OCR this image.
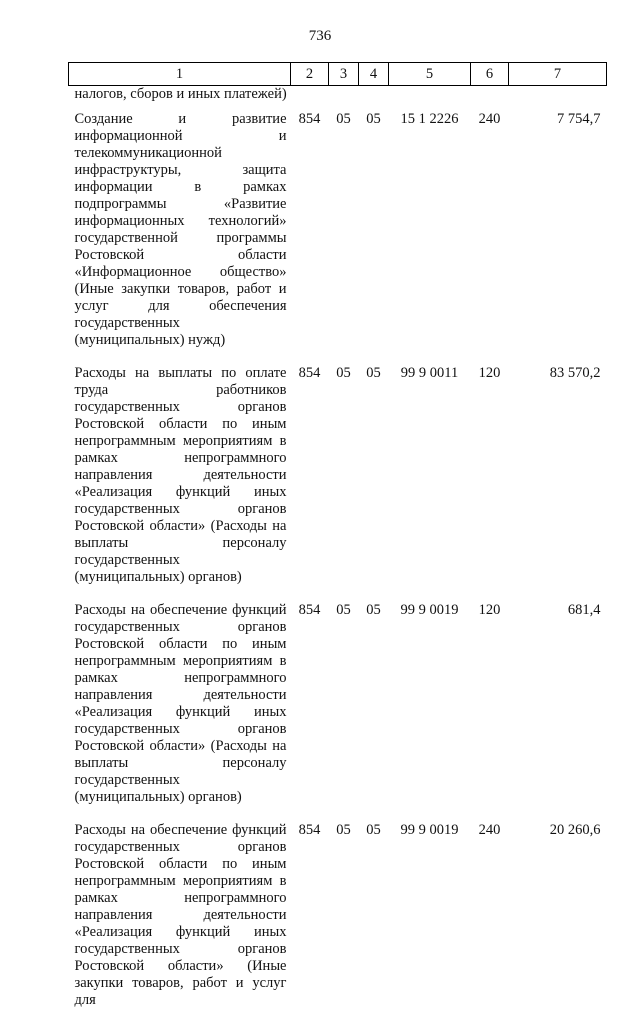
736
1	2	3	4	5	6	7
налогов, сборов и иных платежей)						
Создание и развитие информационной и телекоммуникационной инфраструктуры, защита информации в рамках подпрограммы «Развитие информационных технологий» государственной программы Ростовской области «Информационное общество» (Иные закупки товаров, работ и услуг для обеспечения государственных (муниципальных) нужд)	854	05	05	15 1 2226	240	7 754,7
Расходы на выплаты по оплате труда работников государственных органов Ростовской области по иным непрограммным мероприятиям в рамках непрограммного направления деятельности «Реализация функций иных государственных органов Ростовской области» (Расходы на выплаты персоналу государственных (муниципальных) органов)	854	05	05	99 9 0011	120	83 570,2
Расходы на обеспечение функций государственных органов Ростовской области по иным непрограммным мероприятиям в рамках непрограммного направления деятельности «Реализация функций иных государственных органов Ростовской области» (Расходы на выплаты персоналу государственных (муниципальных) органов)	854	05	05	99 9 0019	120	681,4
Расходы на обеспечение функций государственных органов Ростовской области по иным непрограммным мероприятиям в рамках непрограммного направления деятельности «Реализация функций иных государственных органов Ростовской области» (Иные закупки товаров, работ и услуг для	854	05	05	99 9 0019	240	20 260,6
